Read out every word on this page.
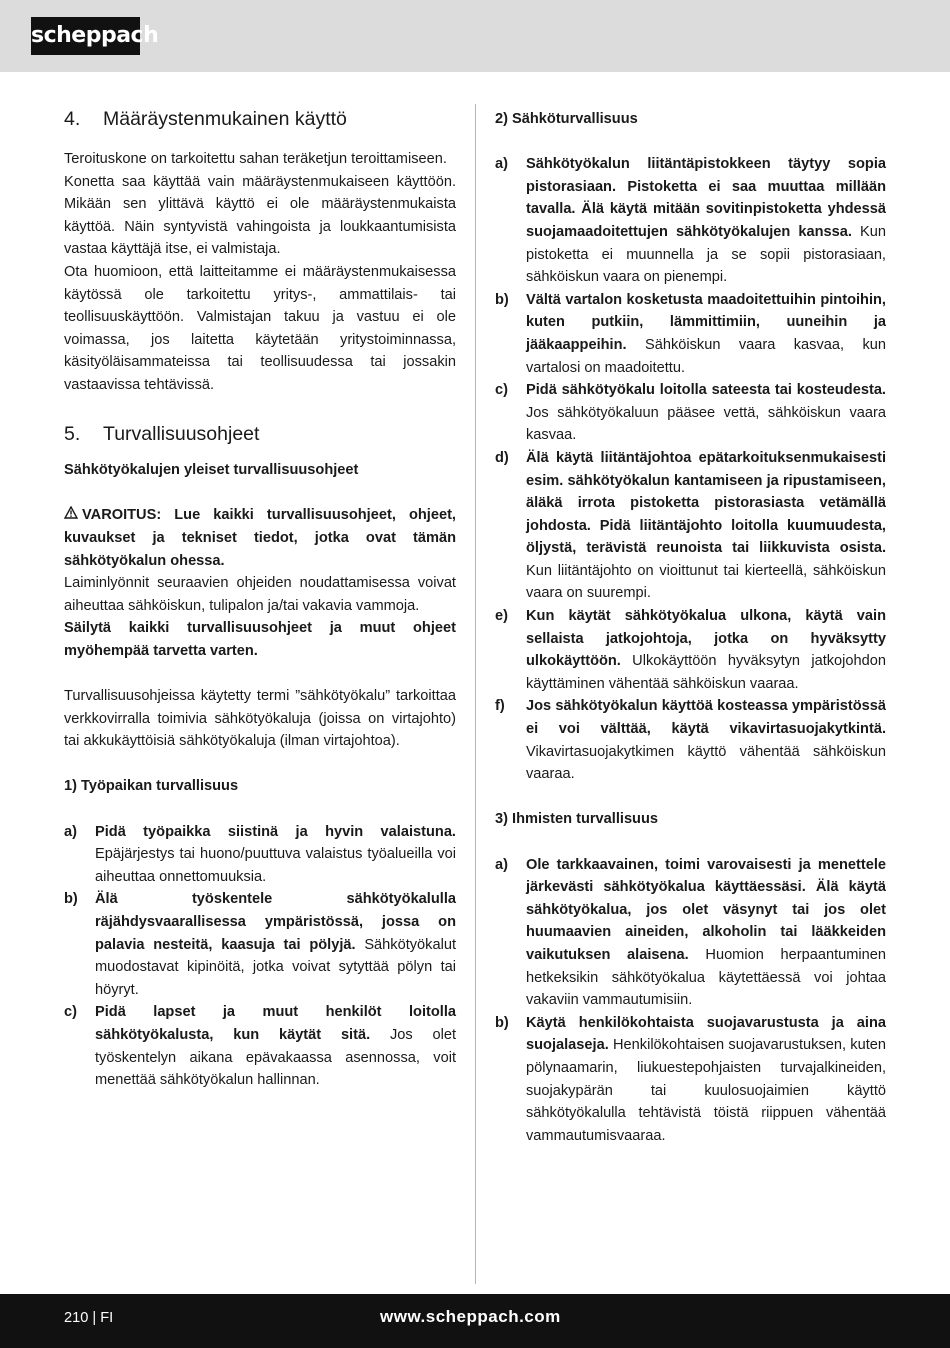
scheppach
4. Määräystenmukainen käyttö

Teroituskone on tarkoitettu sahan teräketjun teroittamiseen.

Konetta saa käyttää vain määräystenmukaiseen käyttöön. Mikään sen ylittävä käyttö ei ole määräystenmukaista käyttöä. Näin syntyvistä vahingoista ja loukkaantumisista vastaa käyttäjä itse, ei valmistaja.

Ota huomioon, että laitteitamme ei määräystenmukaisessa käytössä ole tarkoitettu yritys-, ammattilais- tai teollisuuskäyttöön. Valmistajan takuu ja vastuu ei ole voimassa, jos laitetta käytetään yritystoiminnassa, käsityöläisammateissa tai teollisuudessa tai jossakin vastaavissa tehtävissä.

5. Turvallisuusohjeet
Sähkötyökalujen yleiset turvallisuusohjeet

VAROITUS: Lue kaikki turvallisuusohjeet, ohjeet, kuvaukset ja tekniset tiedot, jotka ovat tämän sähkötyökalun ohessa.

Laiminlyönnit seuraavien ohjeiden noudattamisessa voivat aiheuttaa sähköiskun, tulipalon ja/tai vakavia vammoja.

Säilytä kaikki turvallisuusohjeet ja muut ohjeet myöhempää tarvetta varten.

Turvallisuusohjeissa käytetty termi ”sähkötyökalu” tarkoittaa verkkovirralla toimivia sähkötyökaluja (joissa on virtajohto) tai akkukäyttöisiä sähkötyökaluja (ilman virtajohtoa).

1) Työpaikan turvallisuus
a)	Pidä työpaikka siistinä ja hyvin valaistuna. Epäjärjestys tai huono/puuttuva valaistus työalueilla voi aiheuttaa onnettomuuksia.
b)	Älä työskentele sähkötyökalulla räjähdysvaarallisessa ympäristössä, jossa on palavia nesteitä, kaasuja tai pölyjä. Sähkötyökalut muodostavat kipinöitä, jotka voivat sytyttää pölyn tai höyryt.
c)	Pidä lapset ja muut henkilöt loitolla sähkötyökalusta, kun käytät sitä. Jos olet työskentelyn aikana epävakaassa asennossa, voit menettää sähkötyökalun hallinnan.
2) Sähköturvallisuus
a)	Sähkötyökalun liitäntäpistokkeen täytyy sopia pistorasiaan. Pistoketta ei saa muuttaa millään tavalla. Älä käytä mitään sovitinpistoketta yhdessä suojamaadoitettujen sähkötyökalujen kanssa. Kun pistoketta ei muunnella ja se sopii pistorasiaan, sähköiskun vaara on pienempi.
b)	Vältä vartalon kosketusta maadoitettuihin pintoihin, kuten putkiin, lämmittimiin, uuneihin ja jääkaappeihin. Sähköiskun vaara kasvaa, kun vartalosi on maadoitettu.
c)	Pidä sähkötyökalu loitolla sateesta tai kosteudesta. Jos sähkötyökaluun pääsee vettä, sähköiskun vaara kasvaa.
d)	Älä käytä liitäntäjohtoa epätarkoituksenmukaisesti esim. sähkötyökalun kantamiseen ja ripustamiseen, äläkä irrota pistoketta pistorasiasta vetämällä johdosta. Pidä liitäntäjohto loitolla kuumuudesta, öljystä, terävistä reunoista tai liikkuvista osista. Kun liitäntäjohto on vioittunut tai kierteellä, sähköiskun vaara on suurempi.
e)	Kun käytät sähkötyökalua ulkona, käytä vain sellaista jatkojohtoja, jotka on hyväksytty ulkokäyttöön. Ulkokäyttöön hyväksytyn jatkojohdon käyttäminen vähentää sähköiskun vaaraa.
f)	Jos sähkötyökalun käyttöä kosteassa ympäristössä ei voi välttää, käytä vikavirtasuojakytkintä. Vikavirtasuojakytkimen käyttö vähentää sähköiskun vaaraa.
3) Ihmisten turvallisuus
a)	Ole tarkkaavainen, toimi varovaisesti ja menettele järkevästi sähkötyökalua käyttäessäsi. Älä käytä sähkötyökalua, jos olet väsynyt tai jos olet huumaavien aineiden, alkoholin tai lääkkeiden vaikutuksen alaisena. Huomion herpaantuminen hetkeksikin sähkötyökalua käytettäessä voi johtaa vakaviin vammautumisiin.
b)	Käytä henkilökohtaista suojavarustusta ja aina suojalaseja. Henkilökohtaisen suojavarustuksen, kuten pölynaamarin, liukuestepohjaisten turvajalkineiden, suojakypärän tai kuulosuojaimien käyttö sähkötyökalulla tehtävistä töistä riippuen vähentää vammautumisvaaraa.
210 | FI	www.scheppach.com
